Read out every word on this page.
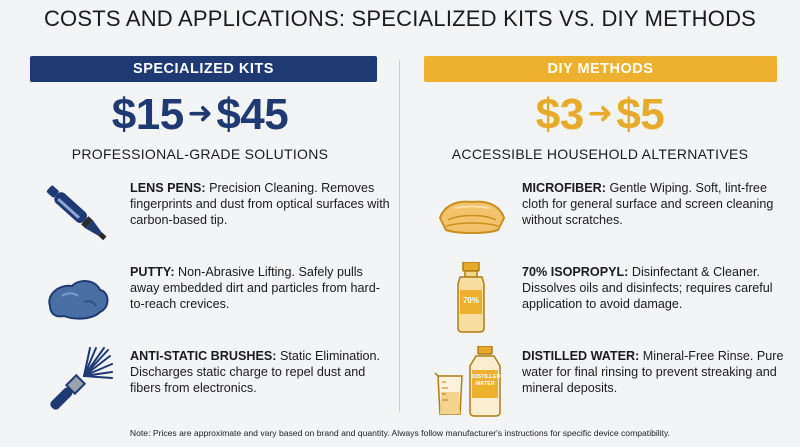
COSTS AND APPLICATIONS: SPECIALIZED KITS VS. DIY METHODS
SPECIALIZED KITS
$15 ➜$45
PROFESSIONAL-GRADE SOLUTIONS
LENS PENS: Precision Cleaning. Removes fingerprints and dust from optical surfaces with carbon-based tip.
PUTTY: Non-Abrasive Lifting. Safely pulls away embedded dirt and particles from hard-to-reach crevices.
ANTI-STATIC BRUSHES: Static Elimination. Discharges static charge to repel dust and fibers from electronics.
DIY METHODS
$3 ➜$5
ACCESSIBLE HOUSEHOLD ALTERNATIVES
MICROFIBER: Gentle Wiping. Soft, lint-free cloth for general surface and screen cleaning without scratches.
70%
70% ISOPROPYL: Disinfectant & Cleaner. Dissolves oils and disinfects; requires careful application to avoid damage.
DISTILLED WATER
DISTILLED WATER: Mineral-Free Rinse. Pure water for final rinsing to prevent streaking and mineral deposits.
Note: Prices are approximate and vary based on brand and quantity. Always follow manufacturer's instructions for specific device compatibility.
